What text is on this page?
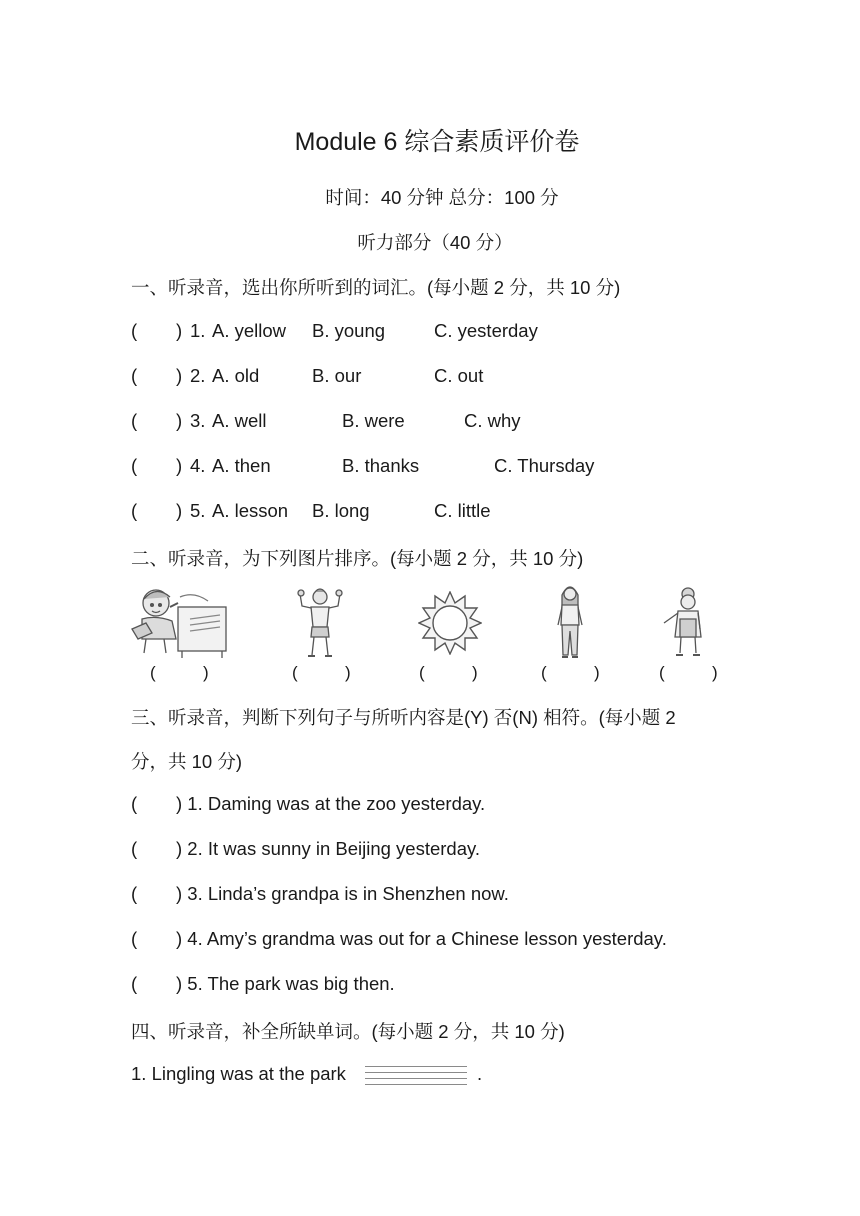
Module 6 综合素质评价卷
时间：40 分钟 总分：100 分
听力部分（40 分）
一、听录音，选出你所听到的词汇。(每小题 2 分，共 10 分)
( ) 1. A. yellow B. young	C. yesterday
( ) 2. A. old	B. our	C. out
( ) 3. A. well	B. were	C. why
( ) 4. A. then	B. thanks	C. Thursday
( ) 5. A. lesson B. long	C. little
二、听录音，为下列图片排序。(每小题 2 分，共 10 分)
(	)	(	)	(	)	(	)	(	)
三、听录音，判断下列句子与所听内容是(Y) 否(N) 相符。(每小题 2
分，共 10 分)
( ) 1. Daming was at the zoo yesterday.
( ) 2. It was sunny in Beijing yesterday.
( ) 3. Linda’s grandpa is in Shenzhen now.
( ) 4. Amy’s grandma was out for a Chinese lesson yesterday.
( ) 5. The park was big then.
四、听录音，补全所缺单词。(每小题 2 分，共 10 分)
1. Lingling was at the park	.
